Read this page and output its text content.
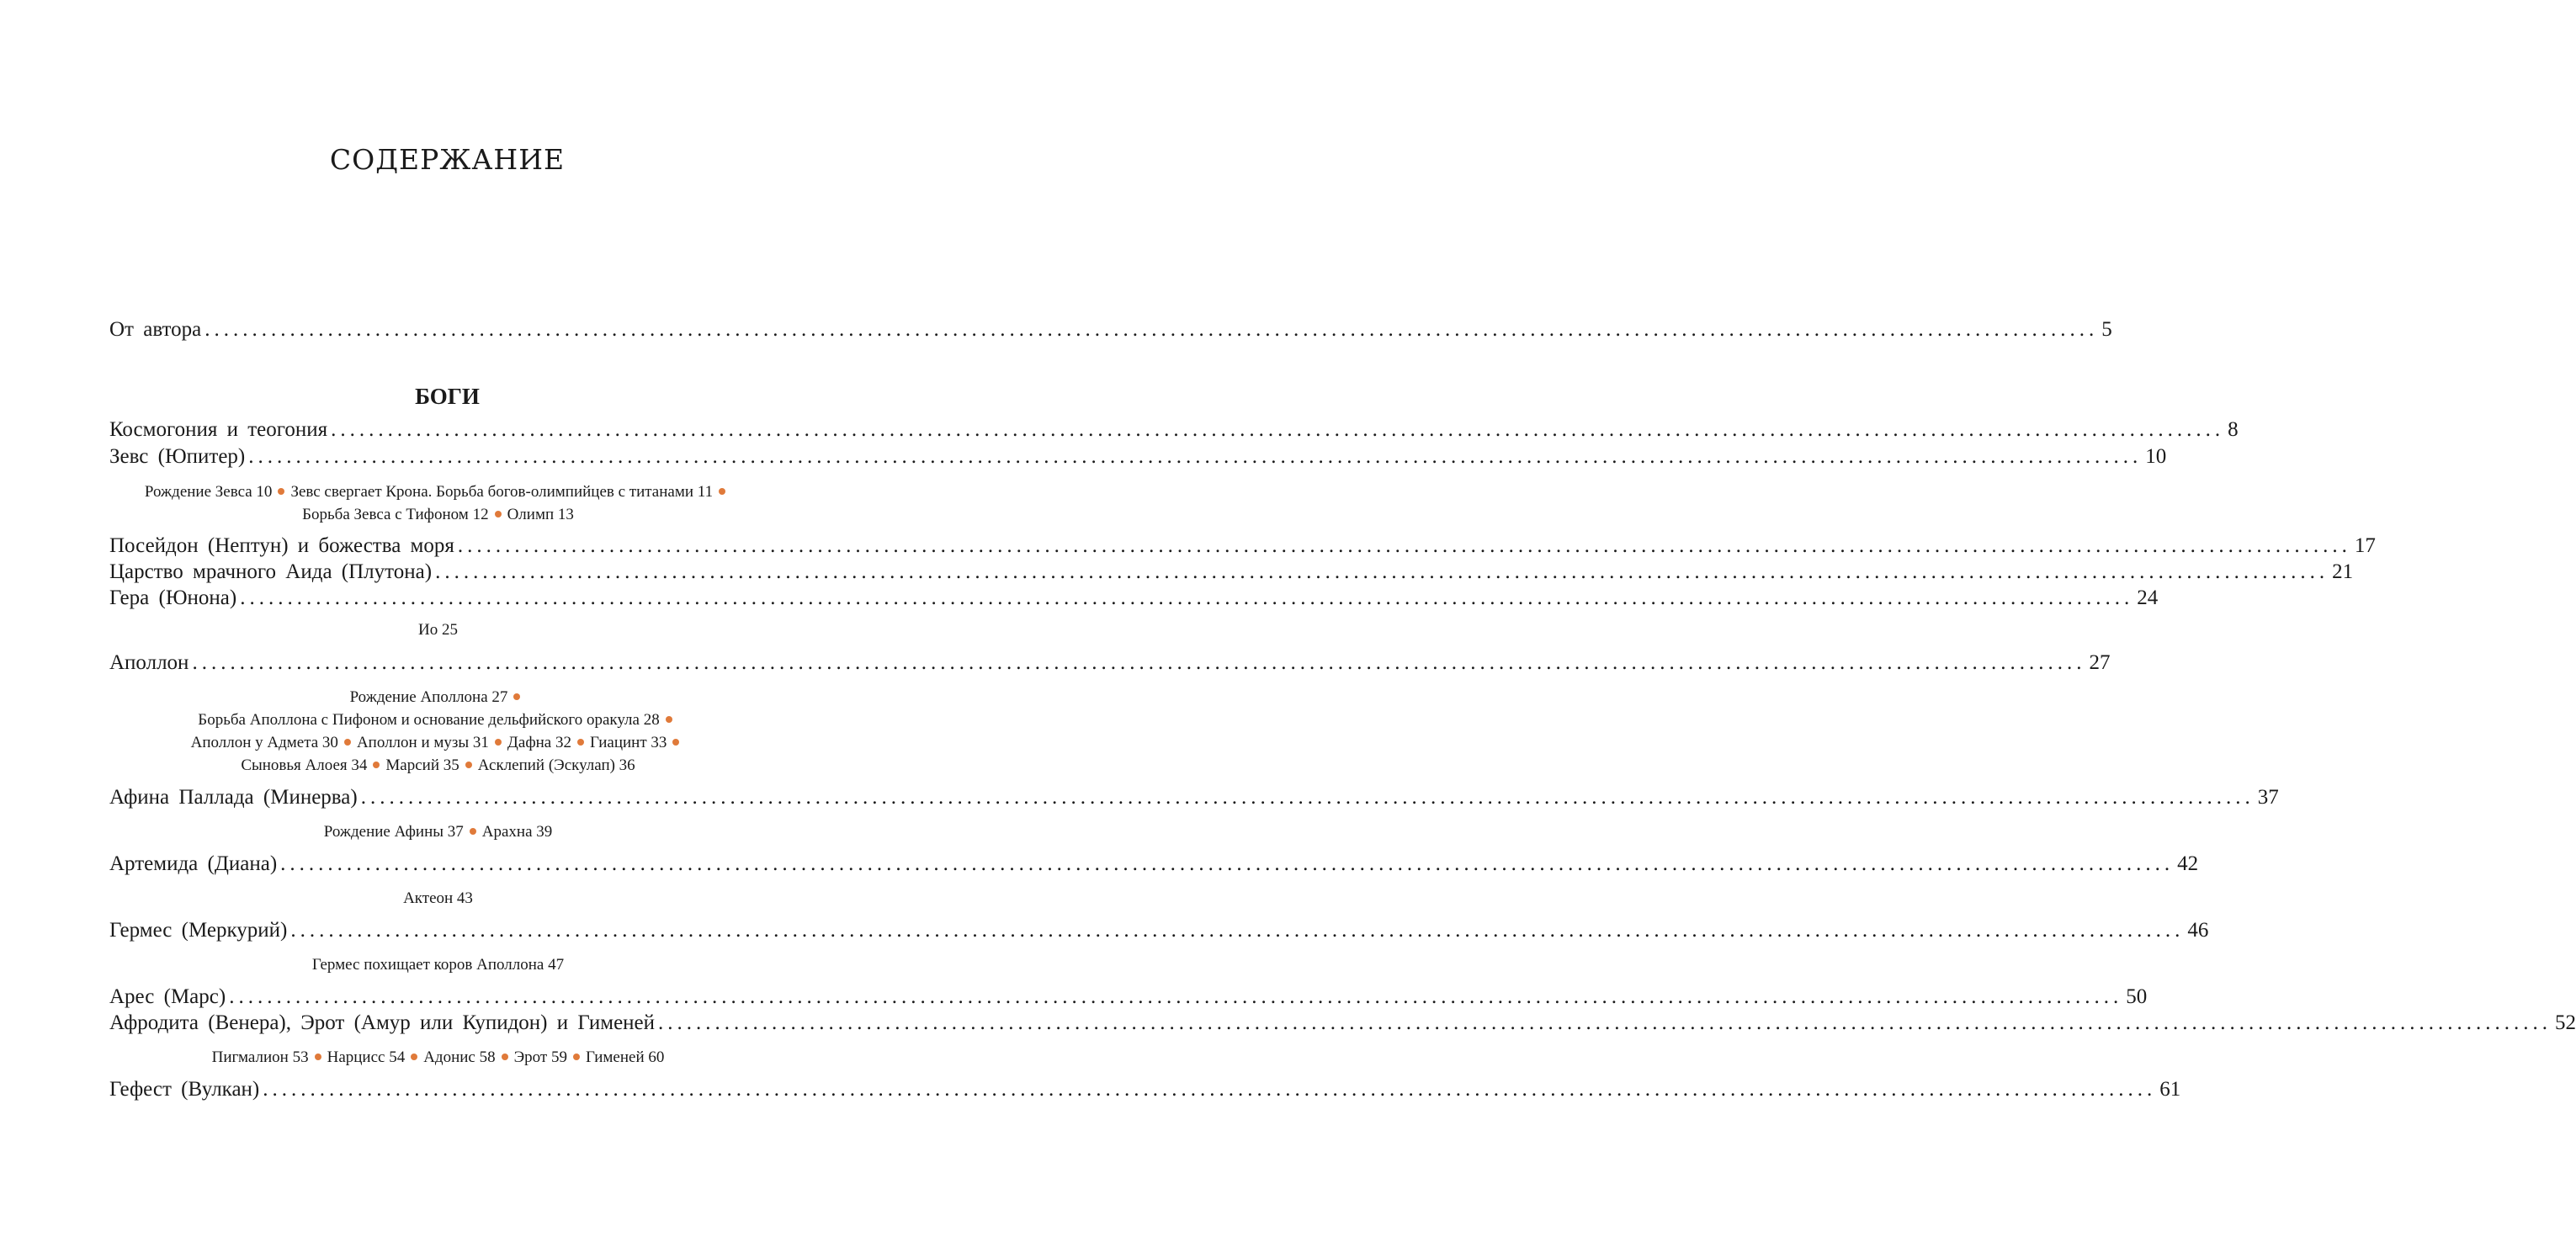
СОДЕРЖАНИЕ
От автора ........................................................................................................................................................................................................ 5
БОГИ
Космогония и теогония ........................................................................................................................................................................................................ 8
Зевс (Юпитер) ........................................................................................................................................................................................................ 10
Рождение Зевса 10 Зевс свергает Крона. Борьба богов-олимпийцев с титанами 11
Борьба Зевса с Тифоном 12 Олимп 13
Посейдон (Нептун) и божества моря ........................................................................................................................................................................................................ 17
Царство мрачного Аида (Плутона) ........................................................................................................................................................................................................ 21
Гера (Юнона) ........................................................................................................................................................................................................ 24
Ио 25
Аполлон ........................................................................................................................................................................................................ 27
Рождение Аполлона 27
Борьба Аполлона с Пифоном и основание дельфийского оракула 28
Аполлон у Адмета 30 Аполлон и музы 31 Дафна 32 Гиацинт 33
Сыновья Алоея 34 Марсий 35 Асклепий (Эскулап) 36
Афина Паллада (Минерва) ........................................................................................................................................................................................................ 37
Рождение Афины 37 Арахна 39
Артемида (Диана) ........................................................................................................................................................................................................ 42
Актеон 43
Гермес (Меркурий) ........................................................................................................................................................................................................ 46
Гермес похищает коров Аполлона 47
Арес (Марс) ........................................................................................................................................................................................................ 50
Афродита (Венера), Эрот (Амур или Купидон) и Гименей ........................................................................................................................................................................................................ 52
Пигмалион 53 Нарцисс 54 Адонис 58 Эрот 59 Гименей 60
Гефест (Вулкан) ........................................................................................................................................................................................................ 61
